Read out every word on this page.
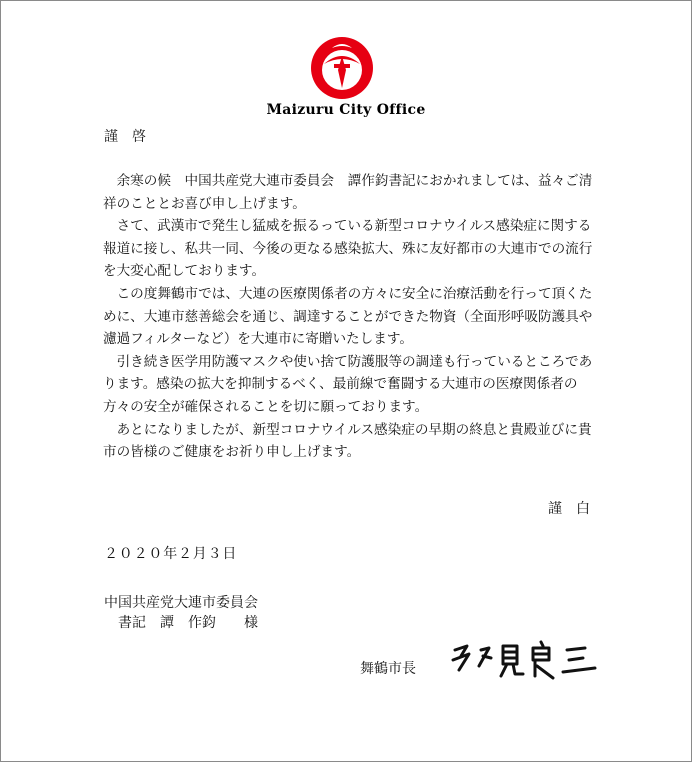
Maizuru City Office
謹啓

余寒の候　中国共産党大連市委員会　譚作鈞書記におかれましては、益々ご清祥のこととお喜び申し上げます。

さて、武漢市で発生し猛威を振るっている新型コロナウイルス感染症に関する報道に接し、私共一同、今後の更なる感染拡大、殊に友好都市の大連市での流行を大変心配しております。

この度舞鶴市では、大連の医療関係者の方々に安全に治療活動を行って頂くために、大連市慈善総会を通じ、調達することができた物資（全面形呼吸防護具や濾過フィルターなど）を大連市に寄贈いたします。

引き続き医学用防護マスクや使い捨て防護服等の調達も行っているところであります。感染の拡大を抑制するべく、最前線で奮闘する大連市の医療関係者の方々の安全が確保されることを切に願っております。

あとになりましたが、新型コロナウイルス感染症の早期の終息と貴殿並びに貴市の皆様のご健康をお祈り申し上げます。

謹白
２０２０年２月３日
中国共産党大連市委員会
書記　譚　作鈞　　様
舞鶴市長
